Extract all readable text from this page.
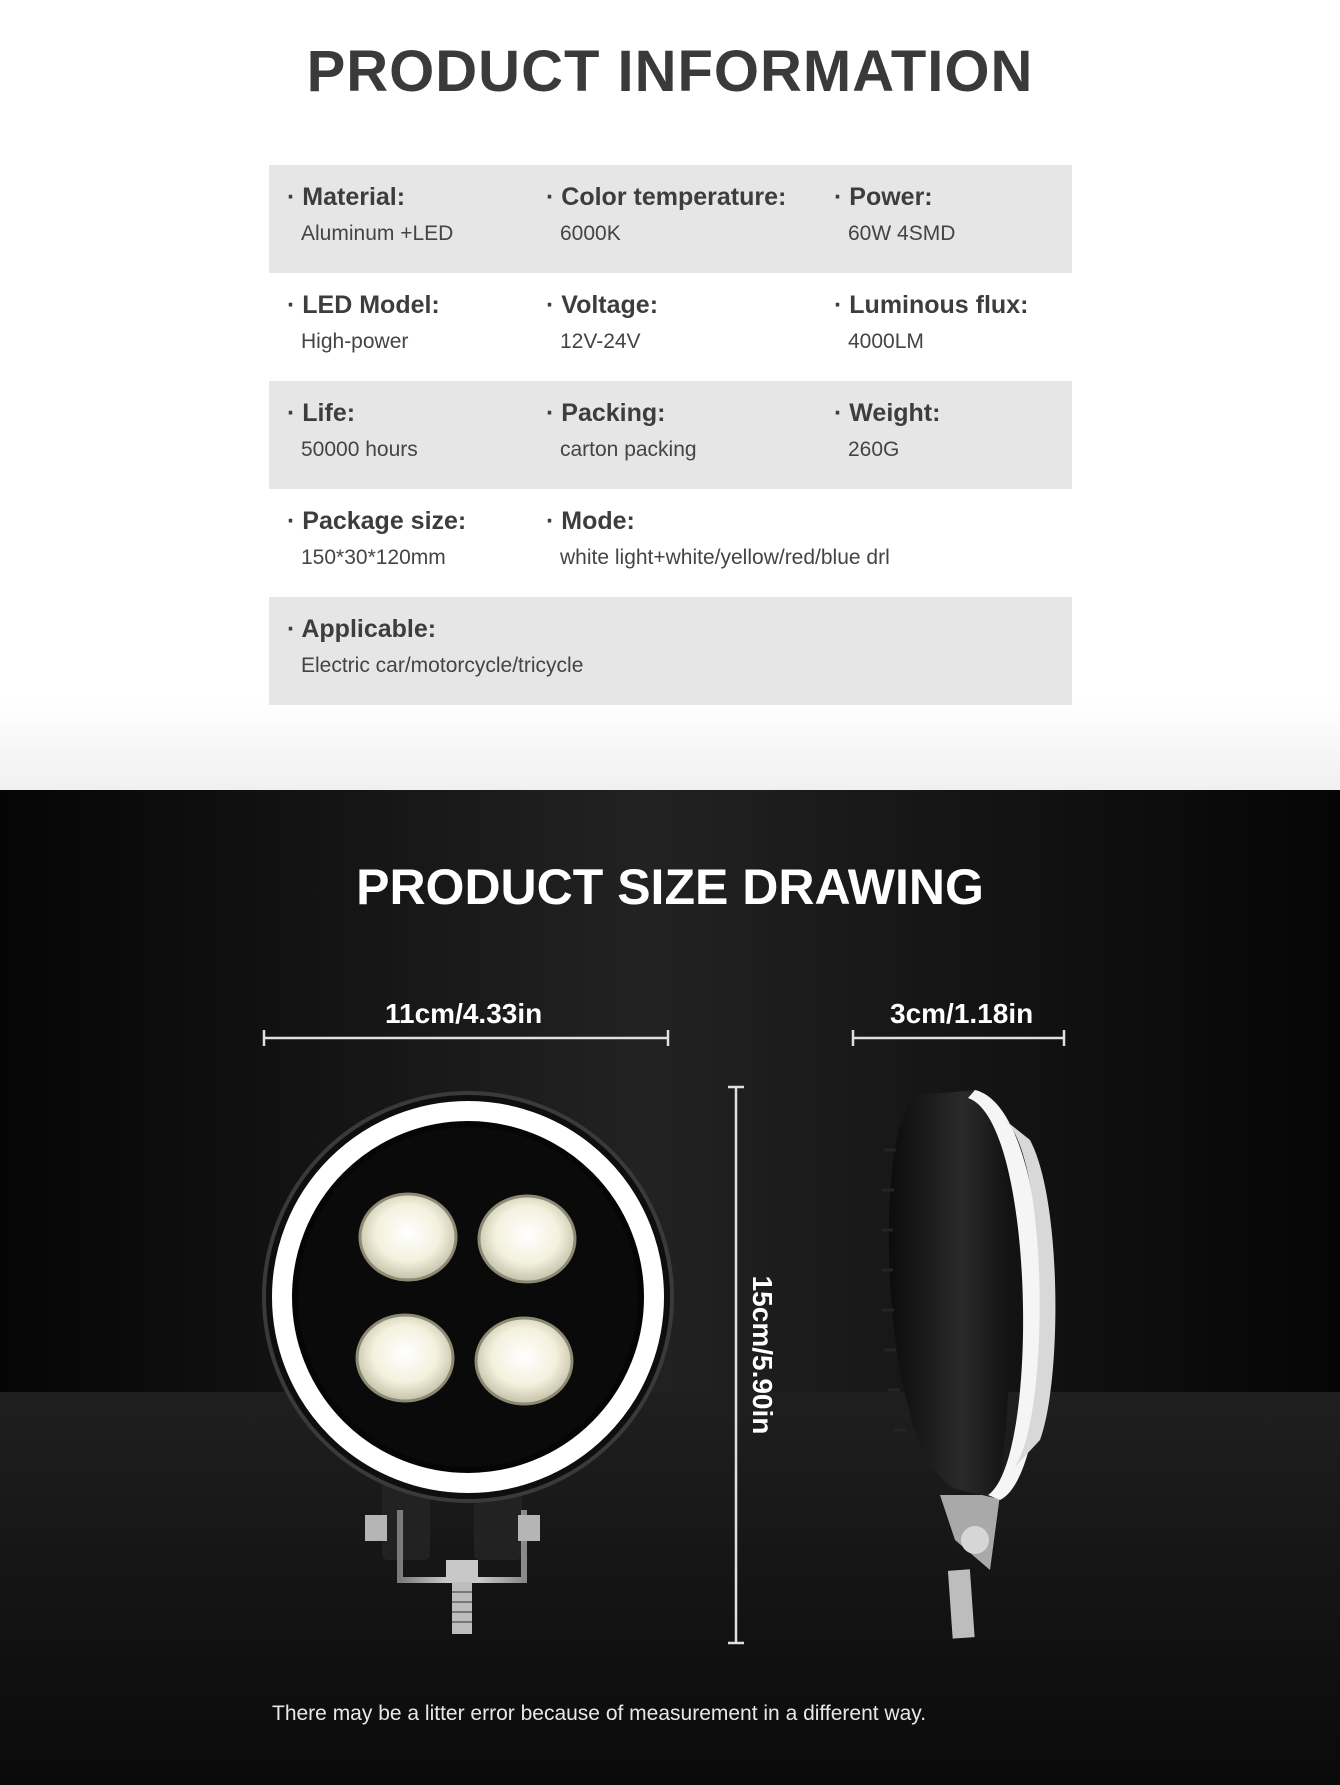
PRODUCT INFORMATION
· Material:
Aluminum +LED
· Color temperature:
6000K
· Power:
60W 4SMD
· LED Model:
High-power
· Voltage:
12V-24V
· Luminous flux:
4000LM
· Life:
50000 hours
· Packing:
carton packing
· Weight:
260G
· Package size:
150*30*120mm
· Mode:
white light+white/yellow/red/blue drl
· Applicable:
Electric car/motorcycle/tricycle
PRODUCT SIZE DRAWING
11cm/4.33in	3cm/1.18in
There may be a litter error because of measurement in a different way.
15cm/5.90in
